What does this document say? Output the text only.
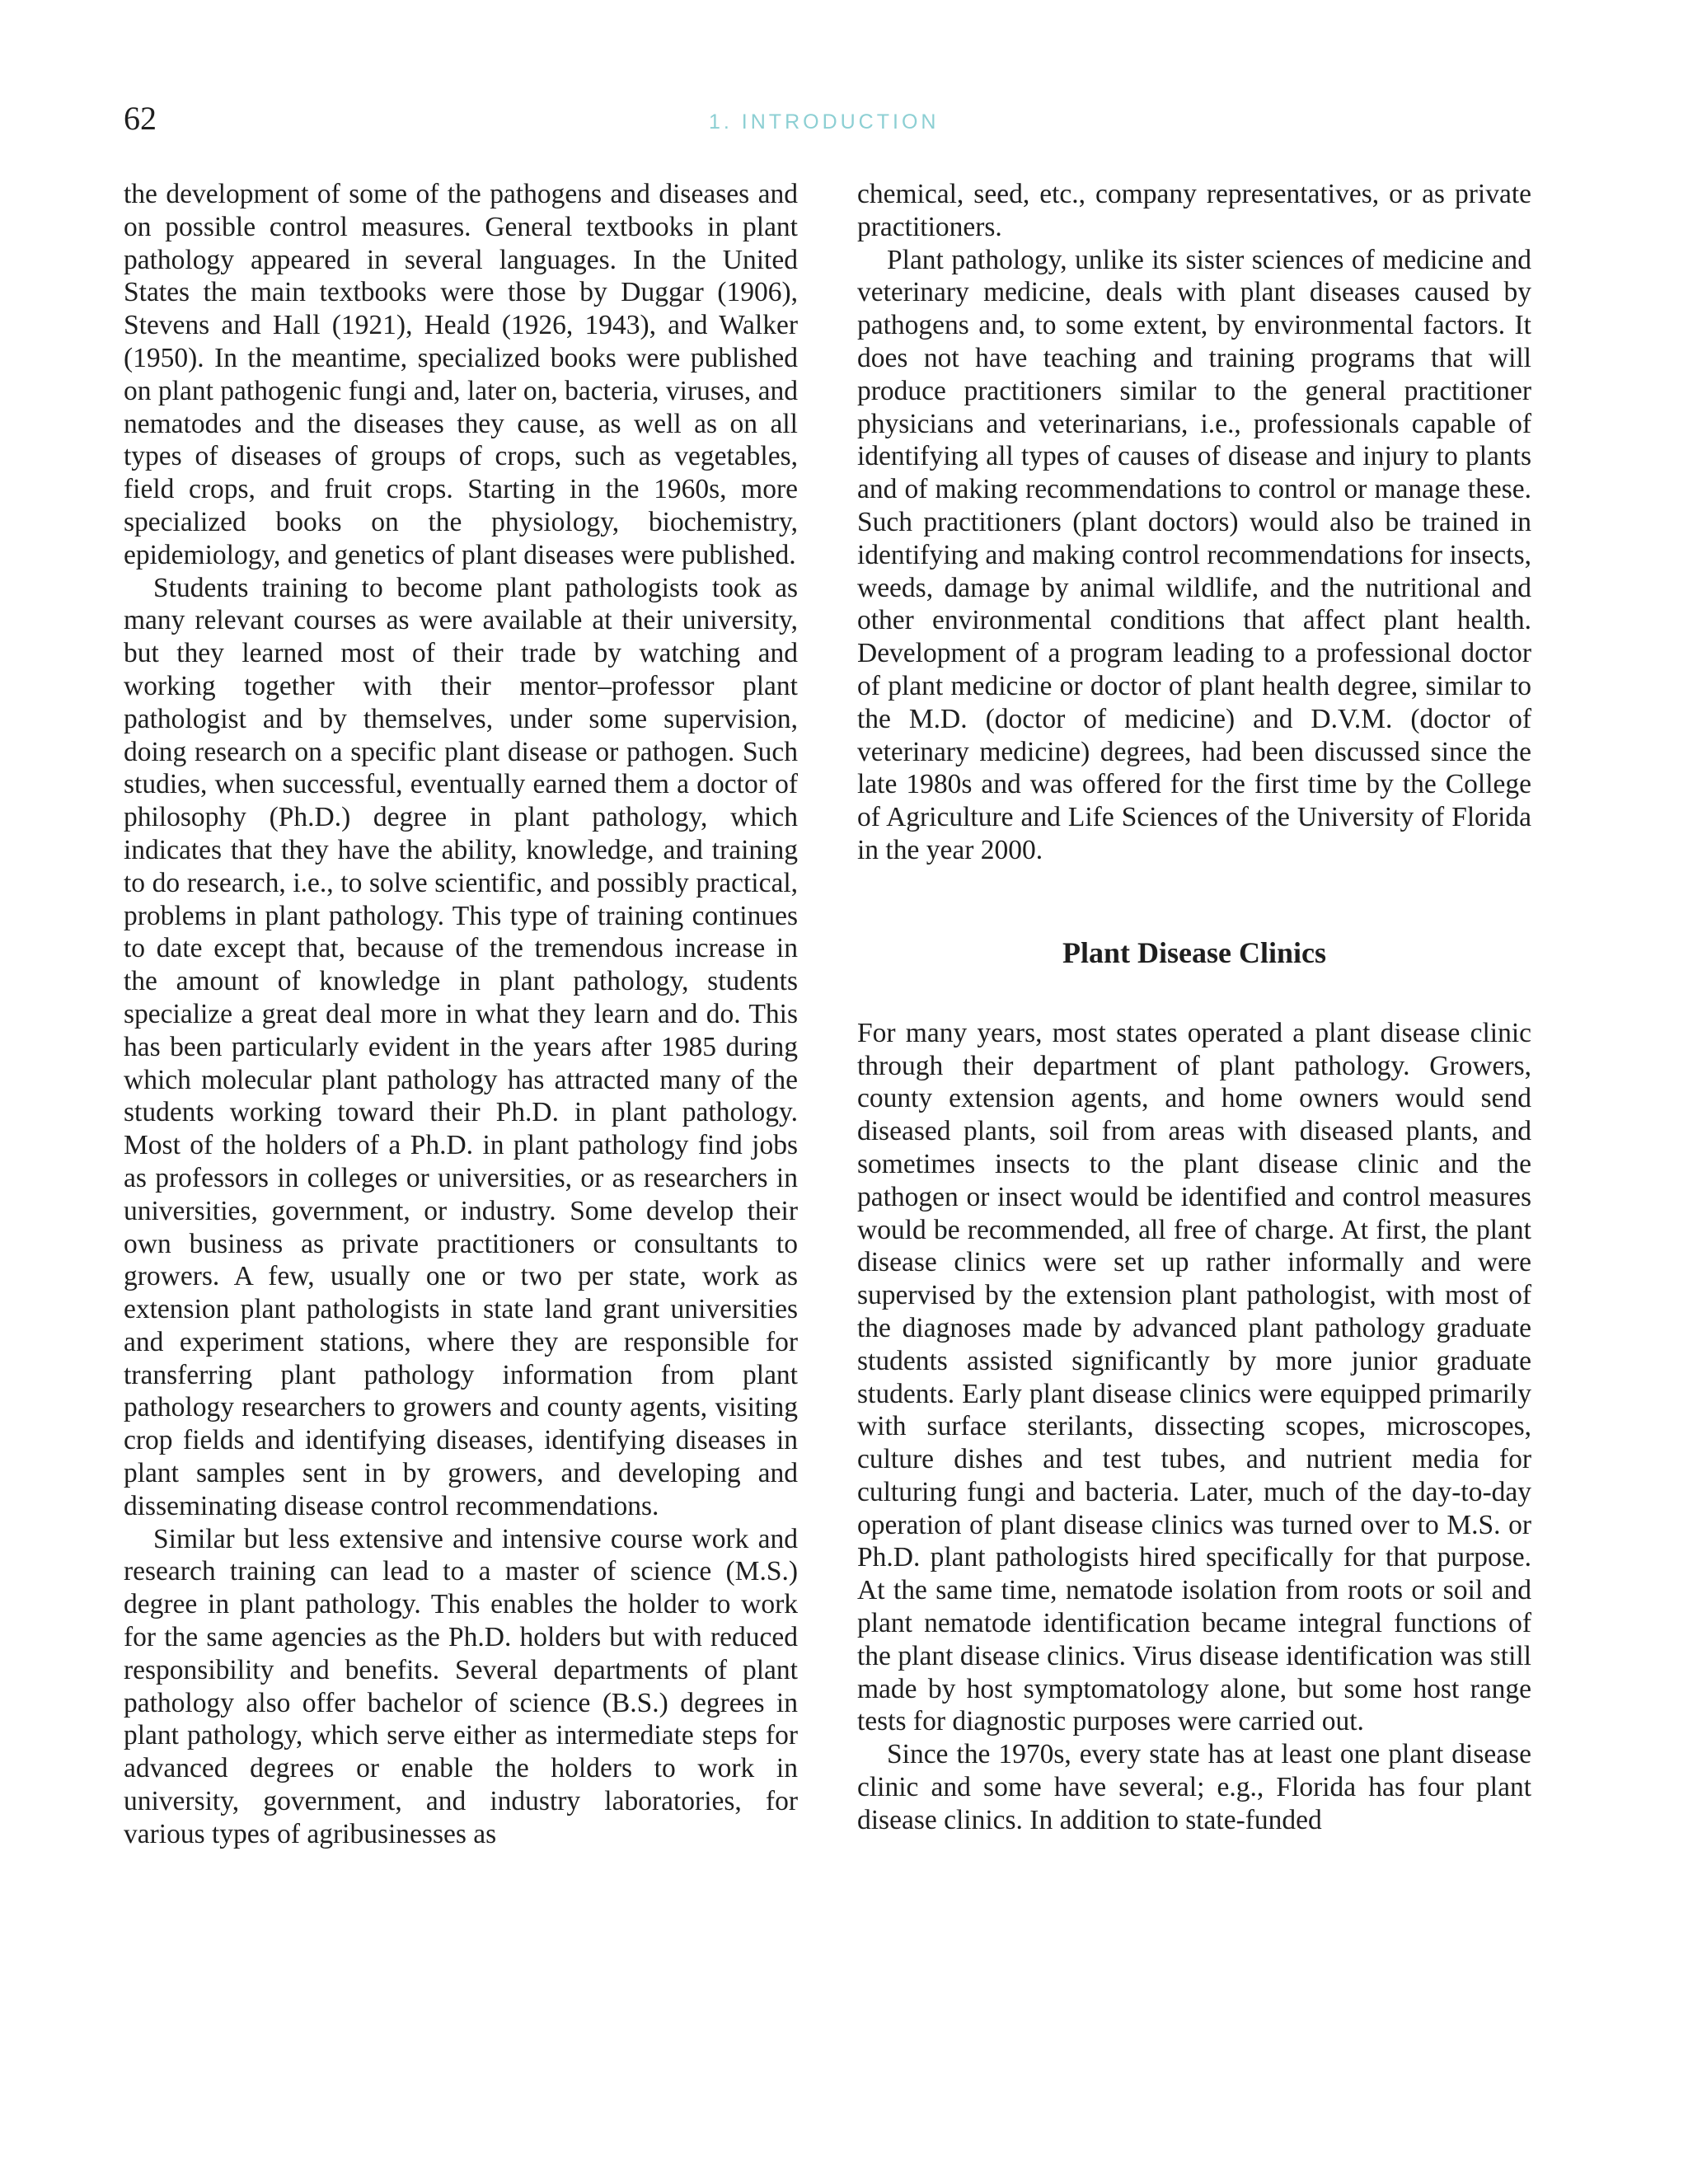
62	1. INTRODUCTION

the development of some of the pathogens and diseases and on possible control measures. General textbooks in plant pathology appeared in several languages. In the United States the main textbooks were those by Duggar (1906), Stevens and Hall (1921), Heald (1926, 1943), and Walker (1950). In the meantime, specialized books were published on plant pathogenic fungi and, later on, bacteria, viruses, and nematodes and the diseases they cause, as well as on all types of diseases of groups of crops, such as vegetables, field crops, and fruit crops. Starting in the 1960s, more specialized books on the physiology, biochemistry, epidemiology, and genetics of plant diseases were published.

Students training to become plant pathologists took as many relevant courses as were available at their university, but they learned most of their trade by watching and working together with their mentor–professor plant pathologist and by themselves, under some supervision, doing research on a specific plant disease or pathogen. Such studies, when successful, eventually earned them a doctor of philosophy (Ph.D.) degree in plant pathology, which indicates that they have the ability, knowledge, and training to do research, i.e., to solve scientific, and possibly practical, problems in plant pathology. This type of training continues to date except that, because of the tremendous increase in the amount of knowledge in plant pathology, students specialize a great deal more in what they learn and do. This has been particularly evident in the years after 1985 during which molecular plant pathology has attracted many of the students working toward their Ph.D. in plant pathology. Most of the holders of a Ph.D. in plant pathology find jobs as professors in colleges or universities, or as researchers in universities, government, or industry. Some develop their own business as private practitioners or consultants to growers. A few, usually one or two per state, work as extension plant pathologists in state land grant universities and experiment stations, where they are responsible for transferring plant pathology information from plant pathology researchers to growers and county agents, visiting crop fields and identifying diseases, identifying diseases in plant samples sent in by growers, and developing and disseminating disease control recommendations.

Similar but less extensive and intensive course work and research training can lead to a master of science (M.S.) degree in plant pathology. This enables the holder to work for the same agencies as the Ph.D. holders but with reduced responsibility and benefits. Several departments of plant pathology also offer bachelor of science (B.S.) degrees in plant pathology, which serve either as intermediate steps for advanced degrees or enable the holders to work in university, government, and industry laboratories, for various types of agribusinesses as

chemical, seed, etc., company representatives, or as private practitioners.

Plant pathology, unlike its sister sciences of medicine and veterinary medicine, deals with plant diseases caused by pathogens and, to some extent, by environmental factors. It does not have teaching and training programs that will produce practitioners similar to the general practitioner physicians and veterinarians, i.e., professionals capable of identifying all types of causes of disease and injury to plants and of making recommendations to control or manage these. Such practitioners (plant doctors) would also be trained in identifying and making control recommendations for insects, weeds, damage by animal wildlife, and the nutritional and other environmental conditions that affect plant health. Development of a program leading to a professional doctor of plant medicine or doctor of plant health degree, similar to the M.D. (doctor of medicine) and D.V.M. (doctor of veterinary medicine) degrees, had been discussed since the late 1980s and was offered for the first time by the College of Agriculture and Life Sciences of the University of Florida in the year 2000.

Plant Disease Clinics

For many years, most states operated a plant disease clinic through their department of plant pathology. Growers, county extension agents, and home owners would send diseased plants, soil from areas with diseased plants, and sometimes insects to the plant disease clinic and the pathogen or insect would be identified and control measures would be recommended, all free of charge. At first, the plant disease clinics were set up rather informally and were supervised by the extension plant pathologist, with most of the diagnoses made by advanced plant pathology graduate students assisted significantly by more junior graduate students. Early plant disease clinics were equipped primarily with surface sterilants, dissecting scopes, microscopes, culture dishes and test tubes, and nutrient media for culturing fungi and bacteria. Later, much of the day-to-day operation of plant disease clinics was turned over to M.S. or Ph.D. plant pathologists hired specifically for that purpose. At the same time, nematode isolation from roots or soil and plant nematode identification became integral functions of the plant disease clinics. Virus disease identification was still made by host symptomatology alone, but some host range tests for diagnostic purposes were carried out.

Since the 1970s, every state has at least one plant disease clinic and some have several; e.g., Florida has four plant disease clinics. In addition to state-funded
